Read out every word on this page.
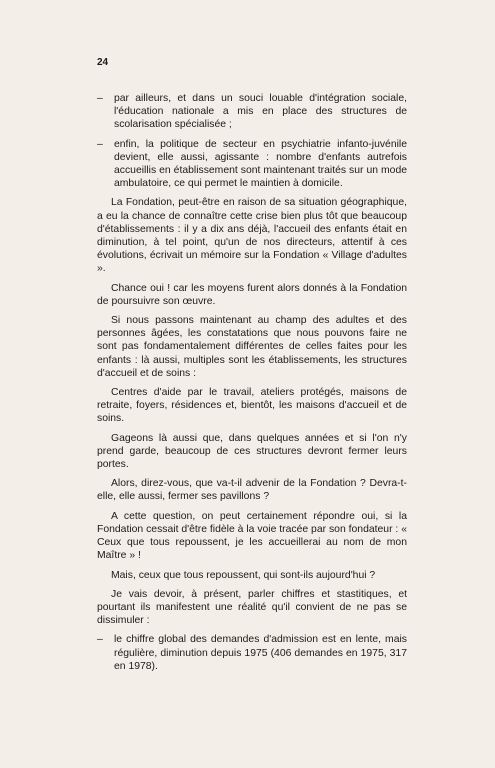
24
–	par ailleurs, et dans un souci louable d'intégration sociale, l'éducation nationale a mis en place des structures de scolarisation spécialisée ;
–	enfin, la politique de secteur en psychiatrie infanto-juvénile devient, elle aussi, agissante : nombre d'enfants autrefois accueillis en établissement sont maintenant traités sur un mode ambulatoire, ce qui permet le maintien à domicile.

La Fondation, peut-être en raison de sa situation géographique, a eu la chance de connaître cette crise bien plus tôt que beaucoup d'établissements : il y a dix ans déjà, l'accueil des enfants était en diminution, à tel point, qu'un de nos directeurs, attentif à ces évolutions, écrivait un mémoire sur la Fondation « Village d'adultes ».

Chance oui ! car les moyens furent alors donnés à la Fondation de poursuivre son œuvre.

Si nous passons maintenant au champ des adultes et des personnes âgées, les constatations que nous pouvons faire ne sont pas fondamentalement différentes de celles faites pour les enfants : là aussi, multiples sont les établissements, les structures d'accueil et de soins :

Centres d'aide par le travail, ateliers protégés, maisons de retraite, foyers, résidences et, bientôt, les maisons d'accueil et de soins.

Gageons là aussi que, dans quelques années et si l'on n'y prend garde, beaucoup de ces structures devront fermer leurs portes.

Alors, direz-vous, que va-t-il advenir de la Fondation ? Devra-t-elle, elle aussi, fermer ses pavillons ?

A cette question, on peut certainement répondre oui, si la Fondation cessait d'être fidèle à la voie tracée par son fondateur : « Ceux que tous repoussent, je les accueillerai au nom de mon Maître » !

Mais, ceux que tous repoussent, qui sont-ils aujourd'hui ?

Je vais devoir, à présent, parler chiffres et stastitiques, et pourtant ils manifestent une réalité qu'il convient de ne pas se dissimuler :

–	le chiffre global des demandes d'admission est en lente, mais régulière, diminution depuis 1975 (406 demandes en 1975, 317 en 1978).
